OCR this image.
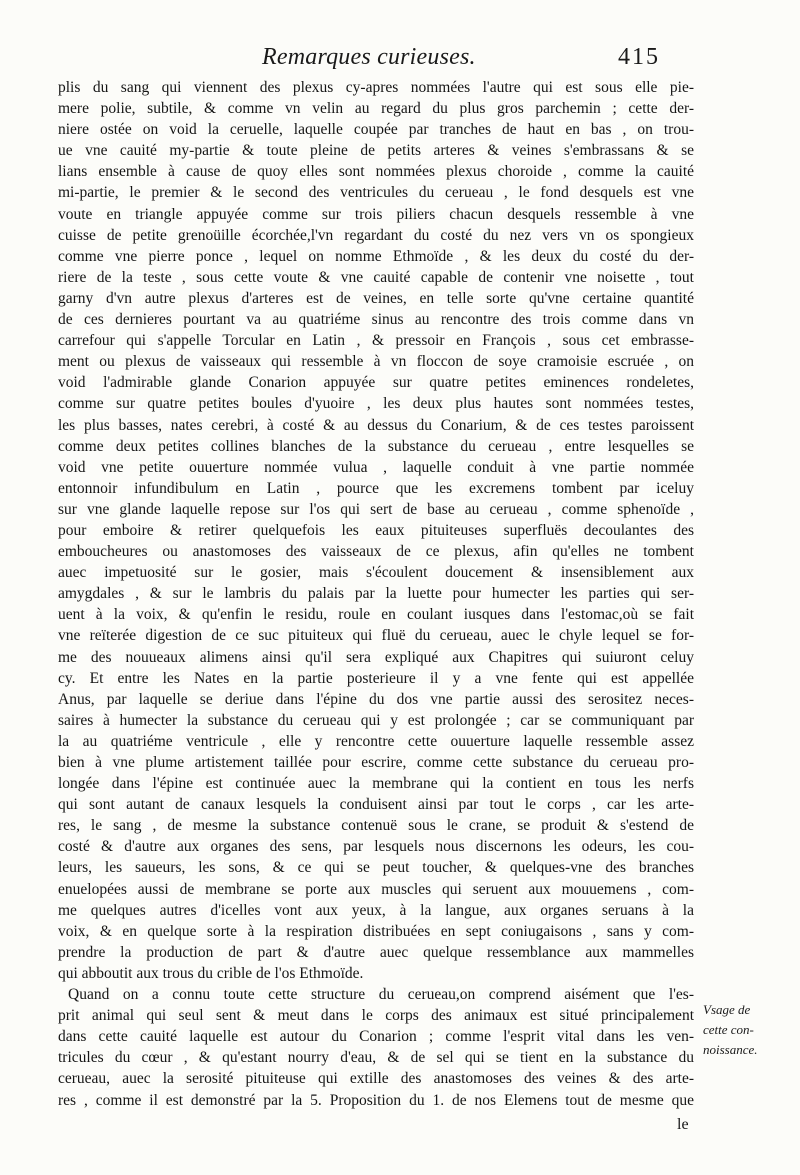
Remarques curieuses.	415
plis du sang qui viennent des plexus cy-apres nommées l'autre qui est sous elle pie-
mere polie, subtile, & comme vn velin au regard du plus gros parchemin ; cette der-
niere ostée on void la ceruelle, laquelle coupée par tranches de haut en bas , on trou-
ue vne cauité my-partie & toute pleine de petits arteres & veines s'embrassans & se
lians ensemble à cause de quoy elles sont nommées plexus choroide , comme la cauité
mi-partie, le premier & le second des ventricules du cerueau , le fond desquels est vne
voute en triangle appuyée comme sur trois piliers chacun desquels ressemble à vne
cuisse de petite grenoüille écorchée,l'vn regardant du costé du nez vers vn os spongieux
comme vne pierre ponce , lequel on nomme Ethmoïde , & les deux du costé du der-
riere de la teste , sous cette voute & vne cauité capable de contenir vne noisette , tout
garny d'vn autre plexus d'arteres est de veines, en telle sorte qu'vne certaine quantité
de ces dernieres pourtant va au quatriéme sinus au rencontre des trois comme dans vn
carrefour qui s'appelle Torcular en Latin , & pressoir en François , sous cet embrasse-
ment ou plexus de vaisseaux qui ressemble à vn floccon de soye cramoisie escruée , on
void l'admirable glande Conarion appuyée sur quatre petites eminences rondeletes,
comme sur quatre petites boules d'yuoire , les deux plus hautes sont nommées testes,
les plus basses, nates cerebri, à costé & au dessus du Conarium, & de ces testes paroissent
comme deux petites collines blanches de la substance du cerueau , entre lesquelles se
void vne petite ouuerture nommée vulua , laquelle conduit à vne partie nommée
entonnoir infundibulum en Latin , pource que les excremens tombent par iceluy
sur vne glande laquelle repose sur l'os qui sert de base au cerueau , comme sphenoïde ,
pour emboire & retirer quelquefois les eaux pituiteuses superfluës decoulantes des
emboucheures ou anastomoses des vaisseaux de ce plexus, afin qu'elles ne tombent
auec impetuosité sur le gosier, mais s'écoulent doucement & insensiblement aux
amygdales , & sur le lambris du palais par la luette pour humecter les parties qui ser-
uent à la voix, & qu'enfin le residu, roule en coulant iusques dans l'estomac,où se fait
vne reïterée digestion de ce suc pituiteux qui fluë du cerueau, auec le chyle lequel se for-
me des nouueaux alimens ainsi qu'il sera expliqué aux Chapitres qui suiuront celuy
cy. Et entre les Nates en la partie posterieure il y a vne fente qui est appellée
Anus, par laquelle se deriue dans l'épine du dos vne partie aussi des serositez neces-
saires à humecter la substance du cerueau qui y est prolongée ; car se communiquant par
la au quatriéme ventricule , elle y rencontre cette ouuerture laquelle ressemble assez
bien à vne plume artistement taillée pour escrire, comme cette substance du cerueau pro-
longée dans l'épine est continuée auec la membrane qui la contient en tous les nerfs
qui sont autant de canaux lesquels la conduisent ainsi par tout le corps , car les arte-
res, le sang , de mesme la substance contenuë sous le crane, se produit & s'estend de
costé & d'autre aux organes des sens, par lesquels nous discernons les odeurs, les cou-
leurs, les saueurs, les sons, & ce qui se peut toucher, & quelques-vne des branches
enuelopées aussi de membrane se porte aux muscles qui seruent aux mouuemens , com-
me quelques autres d'icelles vont aux yeux, à la langue, aux organes seruans à la
voix, & en quelque sorte à la respiration distribuées en sept coniugaisons , sans y com-
prendre la production de part & d'autre auec quelque ressemblance aux mammelles
qui abboutit aux trous du crible de l'os Ethmoïde.
Quand on a connu toute cette structure du cerueau,on comprend aisément que l'es-
prit animal qui seul sent & meut dans le corps des animaux est situé principalement
dans cette cauité laquelle est autour du Conarion ; comme l'esprit vital dans les ven-
tricules du cœur , & qu'estant nourry d'eau, & de sel qui se tient en la substance du
cerueau, auec la serosité pituiteuse qui extille des anastomoses des veines & des arte-
res , comme il est demonstré par la 5. Proposition du 1. de nos Elemens tout de mesme que
Vsage de
cette con-
noissance.
le
